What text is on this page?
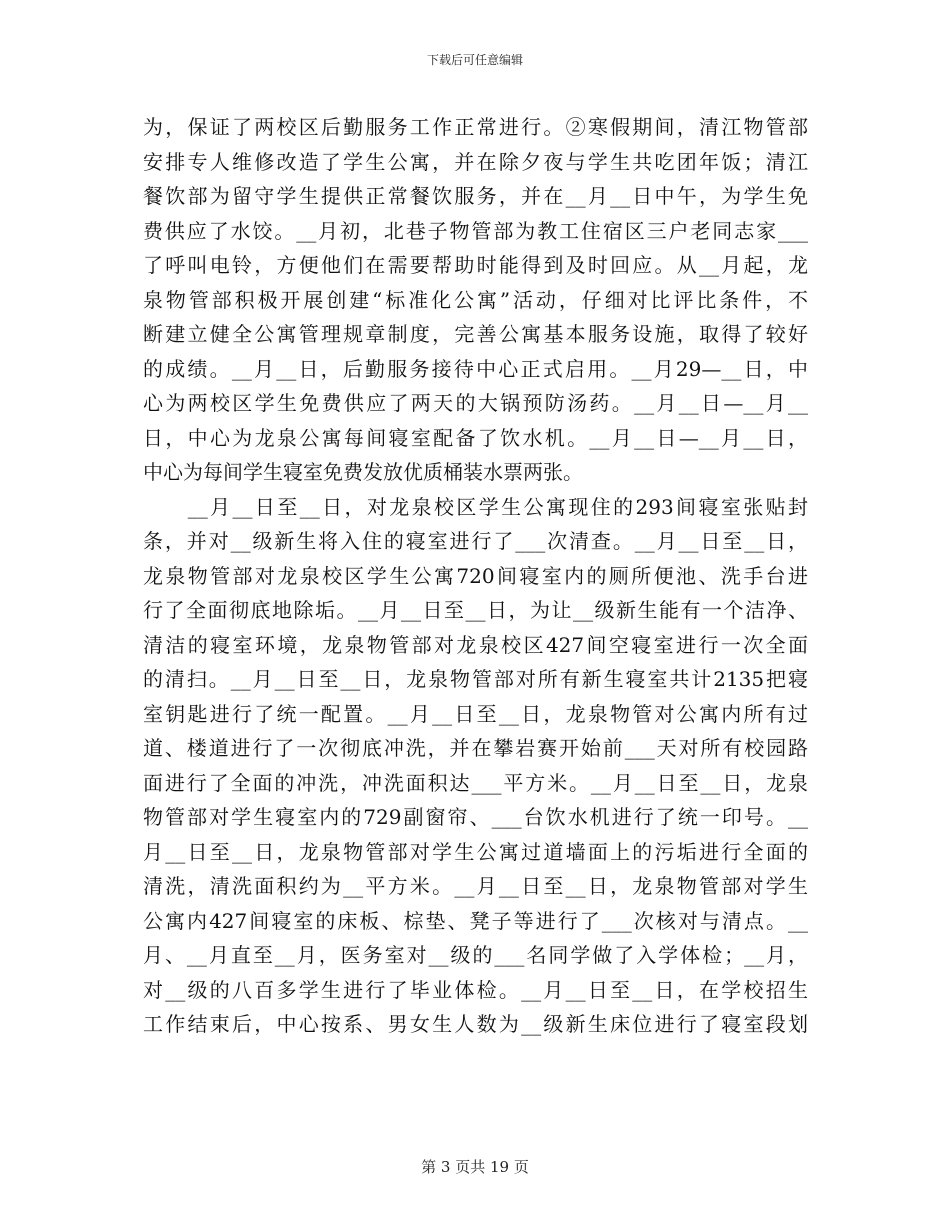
下载后可任意编辑
为，保证了两校区后勤服务工作正常进行。②寒假期间，清江物管部
安排专人维修改造了学生公寓，并在除夕夜与学生共吃团年饭；清江
餐饮部为留守学生提供正常餐饮服务，并在__月__日中午，为学生免
费供应了水饺。__月初，北巷子物管部为教工住宿区三户老同志家___
了呼叫电铃，方便他们在需要帮助时能得到及时回应。从__月起，龙
泉物管部积极开展创建“标准化公寓”活动，仔细对比评比条件，不
断建立健全公寓管理规章制度，完善公寓基本服务设施，取得了较好
的成绩。__月__日，后勤服务接待中心正式启用。__月29—__日，中
心为两校区学生免费供应了两天的大锅预防汤药。__月__日—__月__
日，中心为龙泉公寓每间寝室配备了饮水机。__月__日—__月__日，
中心为每间学生寝室免费发放优质桶装水票两张。
　　__月__日至__日，对龙泉校区学生公寓现住的293间寝室张贴封
条，并对__级新生将入住的寝室进行了___次清查。__月__日至__日，
龙泉物管部对龙泉校区学生公寓720间寝室内的厕所便池、洗手台进
行了全面彻底地除垢。__月__日至__日，为让__级新生能有一个洁净、
清洁的寝室环境，龙泉物管部对龙泉校区427间空寝室进行一次全面
的清扫。__月__日至__日，龙泉物管部对所有新生寝室共计2135把寝
室钥匙进行了统一配置。__月__日至__日，龙泉物管对公寓内所有过
道、楼道进行了一次彻底冲洗，并在攀岩赛开始前___天对所有校园路
面进行了全面的冲洗，冲洗面积达___平方米。__月__日至__日，龙泉
物管部对学生寝室内的729副窗帘、___台饮水机进行了统一印号。__
月__日至__日，龙泉物管部对学生公寓过道墙面上的污垢进行全面的
清洗，清洗面积约为__平方米。__月__日至__日，龙泉物管部对学生
公寓内427间寝室的床板、棕垫、凳子等进行了___次核对与清点。__
月、__月直至__月，医务室对__级的___名同学做了入学体检；__月，
对__级的八百多学生进行了毕业体检。__月__日至__日，在学校招生
工作结束后，中心按系、男女生人数为__级新生床位进行了寝室段划
第 3 页共 19 页
